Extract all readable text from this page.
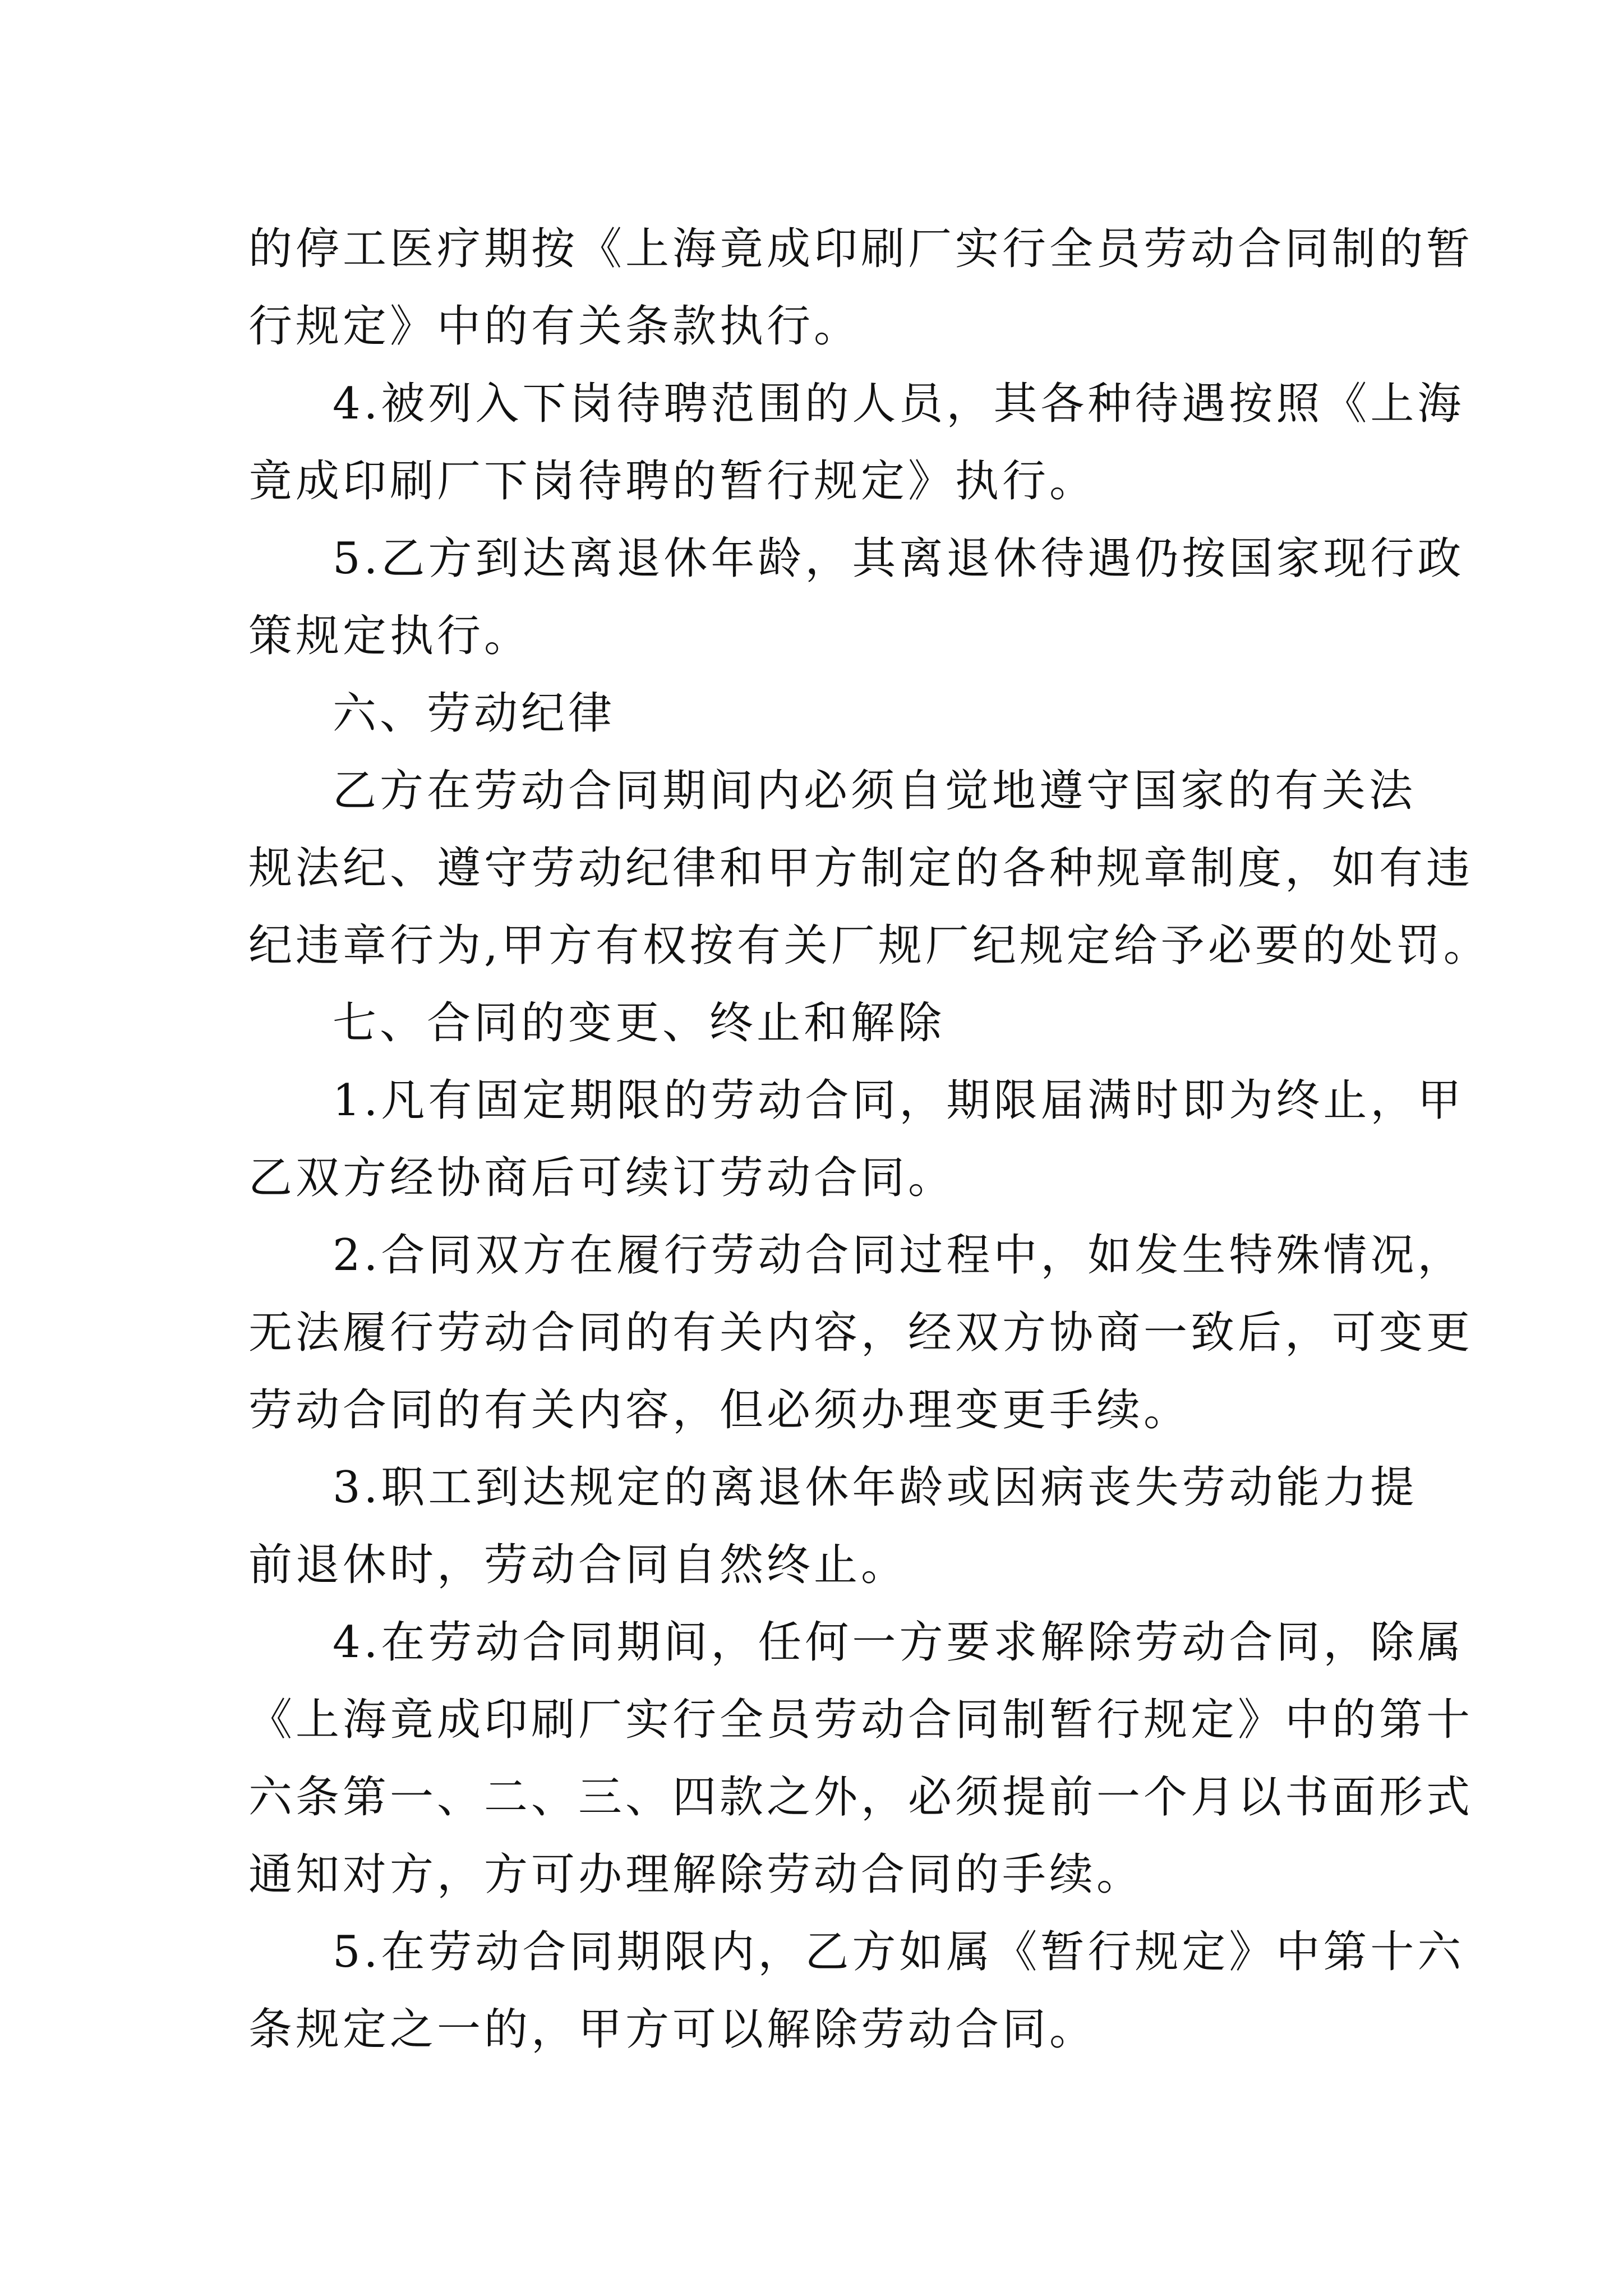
的停工医疗期按《上海竟成印刷厂实行全员劳动合同制的暂
行规定》中的有关条款执行。
4.被列入下岗待聘范围的人员，其各种待遇按照《上海
竟成印刷厂下岗待聘的暂行规定》执行。
5.乙方到达离退休年龄，其离退休待遇仍按国家现行政
策规定执行。
六、劳动纪律
乙方在劳动合同期间内必须自觉地遵守国家的有关法
规法纪、遵守劳动纪律和甲方制定的各种规章制度，如有违
纪违章行为,甲方有权按有关厂规厂纪规定给予必要的处罚。
七、合同的变更、终止和解除
1.凡有固定期限的劳动合同，期限届满时即为终止，甲
乙双方经协商后可续订劳动合同。
2.合同双方在履行劳动合同过程中，如发生特殊情况，
无法履行劳动合同的有关内容，经双方协商一致后，可变更
劳动合同的有关内容，但必须办理变更手续。
3.职工到达规定的离退休年龄或因病丧失劳动能力提
前退休时，劳动合同自然终止。
4.在劳动合同期间，任何一方要求解除劳动合同，除属
《上海竟成印刷厂实行全员劳动合同制暂行规定》中的第十
六条第一、二、三、四款之外，必须提前一个月以书面形式
通知对方，方可办理解除劳动合同的手续。
5.在劳动合同期限内，乙方如属《暂行规定》中第十六
条规定之一的，甲方可以解除劳动合同。
